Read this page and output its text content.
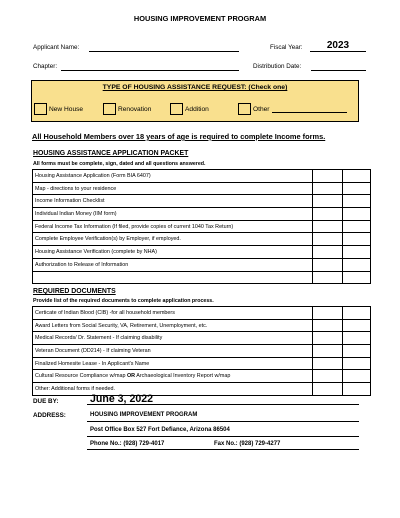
HOUSING IMPROVEMENT PROGRAM
Applicant Name:	Fiscal Year:	2023
Chapter:	Distribution Date:
TYPE OF HOUSING ASSISTANCE REQUEST: (Check one)
New House	Renovation	Addition	Other
All Household Members over 18 years of age is required to complete Income forms.
HOUSING ASSISTANCE APPLICATION PACKET
All forms must be complete, sign, dated and all questions answered.
Housing Assistance Application (Form BIA 6407)		
Map - directions to your residence		
Income Information Checklist		
Individual Indian Money (IIM form)		
Federal Income Tax Information (If filed, provide copies of current 1040 Tax Return)		
Complete Employee Verification(s) by Employer, if employed.		
Housing Assistance Verification (complete by NHA)		
Authorization to Release of Information		

REQUIRED DOCUMENTS
Provide list of the required documents to complete application process.
Certicate of Indian Blood (CIB) -for all household members		
Award Letters from Social Security, VA, Retirement, Unemployment, etc.		
Medical Records/ Dr. Statement - If claiming disability		
Veteran Document (DD214) - If claiming Veteran		
Finalized Homesite Lease - In Applicant's Name		
Cultural Resource Compliance w/map OR Archaeological Inventory Report w/map		
Other: Additional forms if needed.		
DUE BY:	June 3, 2022
ADDRESS:	HOUSING IMPROVEMENT PROGRAM
Post Office Box 527 Fort Defiance, Arizona 86504
Phone No.: (928) 729-4017	Fax No.: (928) 729-4277
